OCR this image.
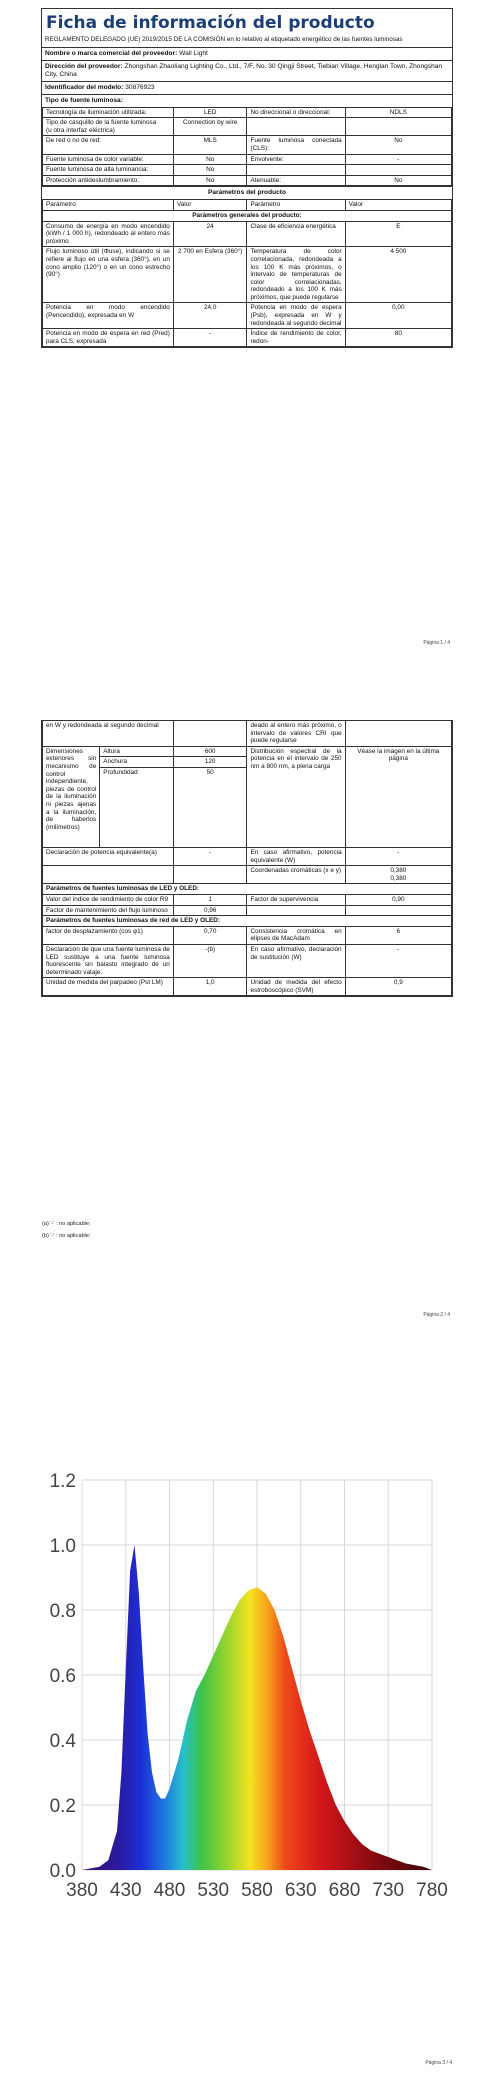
Ficha de información del producto
REGLAMENTO DELEGADO (UE) 2019/2015 DE LA COMISIÓN en lo relativo al etiquetado energético de las fuentes luminosas
Nombre o marca comercial del proveedor: Wall Light
Dirección del proveedor: Zhongshan Zhaoliang Lighting Co., Ltd., 7/F, No. 30 Qingji Street, Tiebian Village, Henglan Town, Zhongshan City, China
Identificador del modelo: 30876923
Tipo de fuente luminosa:
Tecnología de iluminación utilizada:	LED	No direccional o direccional:	NDLS
Tipo de casquillo de la fuente luminosa
(u otra interfaz eléctrica)	Connection by wire		
De red o no de red:	MLS	Fuente luminosa conectada (CLS):	No
Fuente luminosa de color variable:	No	Envolvente:	-
Fuente luminosa de alta luminancia:	No		
Protección antideslumbramiento:	No	Atenuable:	No
Parámetros del producto
Parámetro	Valor	Parámetro	Valor
Parámetros generales del producto:			
Consumo de energía en modo encendido (kWh / 1 000 h), redondeado al entero más próximo	24	Clase de eficiencia energética	E
Flujo luminoso útil (Φuse), indicando si se refiere al flujo en una esfera (360°), en un cono amplio (120°) o en un cono estrecho (90°)	2 700 en Esfera (360°)	Temperatura de color correlacionada, redondeada a los 100 K más próximos, o intervalo de temperaturas de color correlacionadas, redondeado a los 100 K más próximos, que puede regularse	4 500
Potencia en modo encendido (Pencendido), expresada en W	24,0	Potencia en modo de espera (Psb), expresada en W y redondeada al segundo decimal	0,00
Potencia en modo de espera en red (Pred) para CLS, expresada	-	Índice de rendimiento de color, redon-	80
Página 1 / 4
en W y redondeada al segundo decimal			deado al entero más próximo, o intervalo de valores CRI que puede regularse	
Dimensiones exteriores sin mecanismo de control independiente, piezas de control de la iluminación ni piezas ajenas a la iluminación, de haberlos (milímetros)	Altura	600	Distribución espectral de la potencia en el intervalo de 250 nm a 800 nm, a plena carga	Véase la imagen en la última página
	Anchura	120		
	Profundidad	50		
Declaración de potencia equivalente(a)		-	En caso afirmativo, potencia equivalente (W)	-
			Coordenadas cromáticas (x e y)	0,380
0,380
Parámetros de fuentes luminosas de LED y OLED:				
Valor del índice de rendimiento de color R9		1	Factor de supervivencia	0,90
Factor de mantenimiento del flujo luminoso		0,96		
Parámetros de fuentes luminosas de red de LED y OLED:				
factor de desplazamiento (cos φ1)		0,70	Consistencia cromática en elipses de MacAdam	6
Declaración de que una fuente luminosa de LED sustituye a una fuente luminosa fluorescente sin balasto integrado de un determinado vataje.		-(b)	En caso afirmativo, declaración de sustitución (W)	-
Unidad de medida del parpadeo (Pst LM)		1,0	Unidad de medida del efecto estroboscópico (SVM)	0,9
(a) '-' : no aplicable;
(b) '-' : no aplicable;
Página 2 / 4
0.0
0.2
0.4
0.6
0.8
1.0
1.2
380 430 480 530 580 630 680 730 780
Página 3 / 4
